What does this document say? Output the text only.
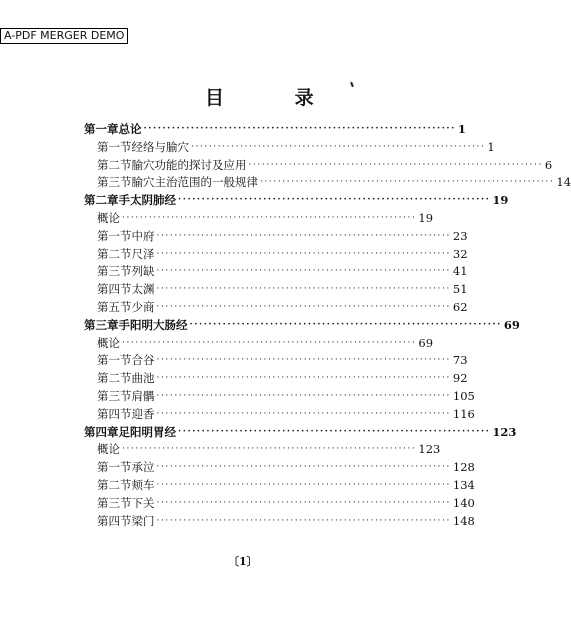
A-PDF MERGER DEMO
目 录
第一章 总论 ·································································· 1
第一节 经络与腧穴 ·································································· 1
第二节 腧穴功能的探讨及应用 ·································································· 6
第三节 腧穴主治范围的一般规律 ·································································· 14
第二章 手太阴肺经 ·································································· 19
概论 ·································································· 19
第一节 中府 ·································································· 23
第二节 尺泽 ·································································· 32
第三节 列缺 ·································································· 41
第四节 太渊 ·································································· 51
第五节 少商 ·································································· 62
第三章 手阳明大肠经 ·································································· 69
概论 ·································································· 69
第一节 合谷 ·································································· 73
第二节 曲池 ·································································· 92
第三节 肩髃 ·································································· 105
第四节 迎香 ·································································· 116
第四章 足阳明胃经 ·································································· 123
概论 ·································································· 123
第一节 承泣 ·································································· 128
第二节 颊车 ·································································· 134
第三节 下关 ·································································· 140
第四节 梁门 ·································································· 148
〔1〕
